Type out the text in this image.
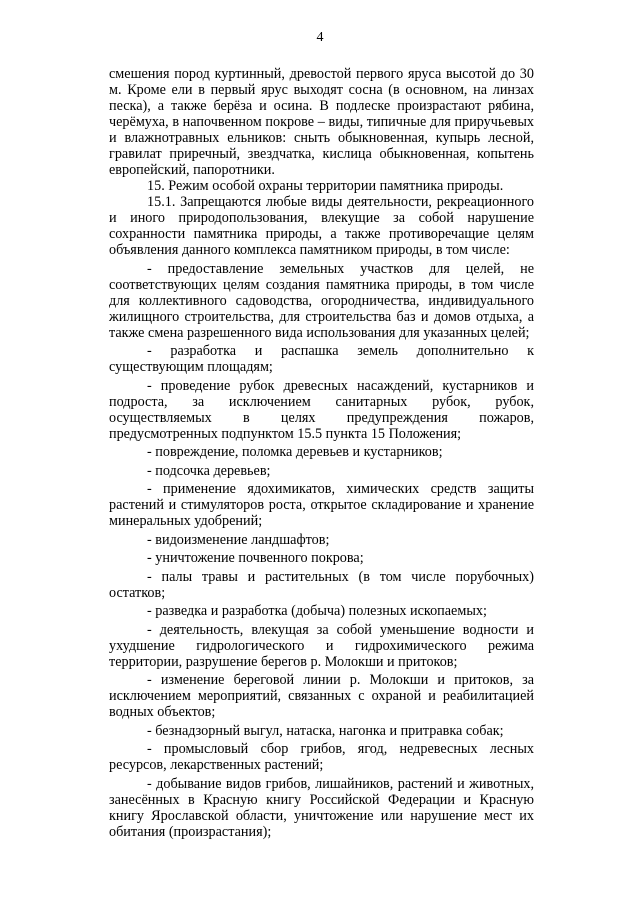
4

смешения пород куртинный, древостой первого яруса высотой до 30 м. Кроме ели в первый ярус выходят сосна (в основном, на линзах песка), а также берёза и осина. В подлеске произрастают рябина, черёмуха, в напочвенном покрове – виды, типичные для приручьевых и влажнотравных ельников: сныть обыкновенная, купырь лесной, гравилат приречный, звездчатка, кислица обыкновенная, копытень европейский, папоротники.

15. Режим особой охраны территории памятника природы.

15.1. Запрещаются любые виды деятельности, рекреационного и иного природопользования, влекущие за собой нарушение сохранности памятника природы, а также противоречащие целям объявления данного комплекса памятником природы, в том числе:

- предоставление земельных участков для целей, не соответствующих целям создания памятника природы, в том числе для коллективного садоводства, огородничества, индивидуального жилищного строительства, для строительства баз и домов отдыха, а также смена разрешенного вида использования для указанных целей;

- разработка и распашка земель дополнительно к существующим площадям;

- проведение рубок древесных насаждений, кустарников и подроста, за исключением санитарных рубок, рубок, осуществляемых в целях предупреждения пожаров, предусмотренных подпунктом 15.5 пункта 15 Положения;

- повреждение, поломка деревьев и кустарников;

- подсочка деревьев;

- применение ядохимикатов, химических средств защиты растений и стимуляторов роста, открытое складирование и хранение минеральных удобрений;

- видоизменение ландшафтов;

- уничтожение почвенного покрова;

- палы травы и растительных (в том числе порубочных) остатков;

- разведка и разработка (добыча) полезных ископаемых;

- деятельность, влекущая за собой уменьшение водности и ухудшение гидрологического и гидрохимического режима территории, разрушение берегов р. Молокши и притоков;

- изменение береговой линии р. Молокши и притоков, за исключением мероприятий, связанных с охраной и реабилитацией водных объектов;

- безнадзорный выгул, натаска, нагонка и притравка собак;

- промысловый сбор грибов, ягод, недревесных лесных ресурсов, лекарственных растений;

- добывание видов грибов, лишайников, растений и животных, занесённых в Красную книгу Российской Федерации и Красную книгу Ярославской области, уничтожение или нарушение мест их обитания (произрастания);
